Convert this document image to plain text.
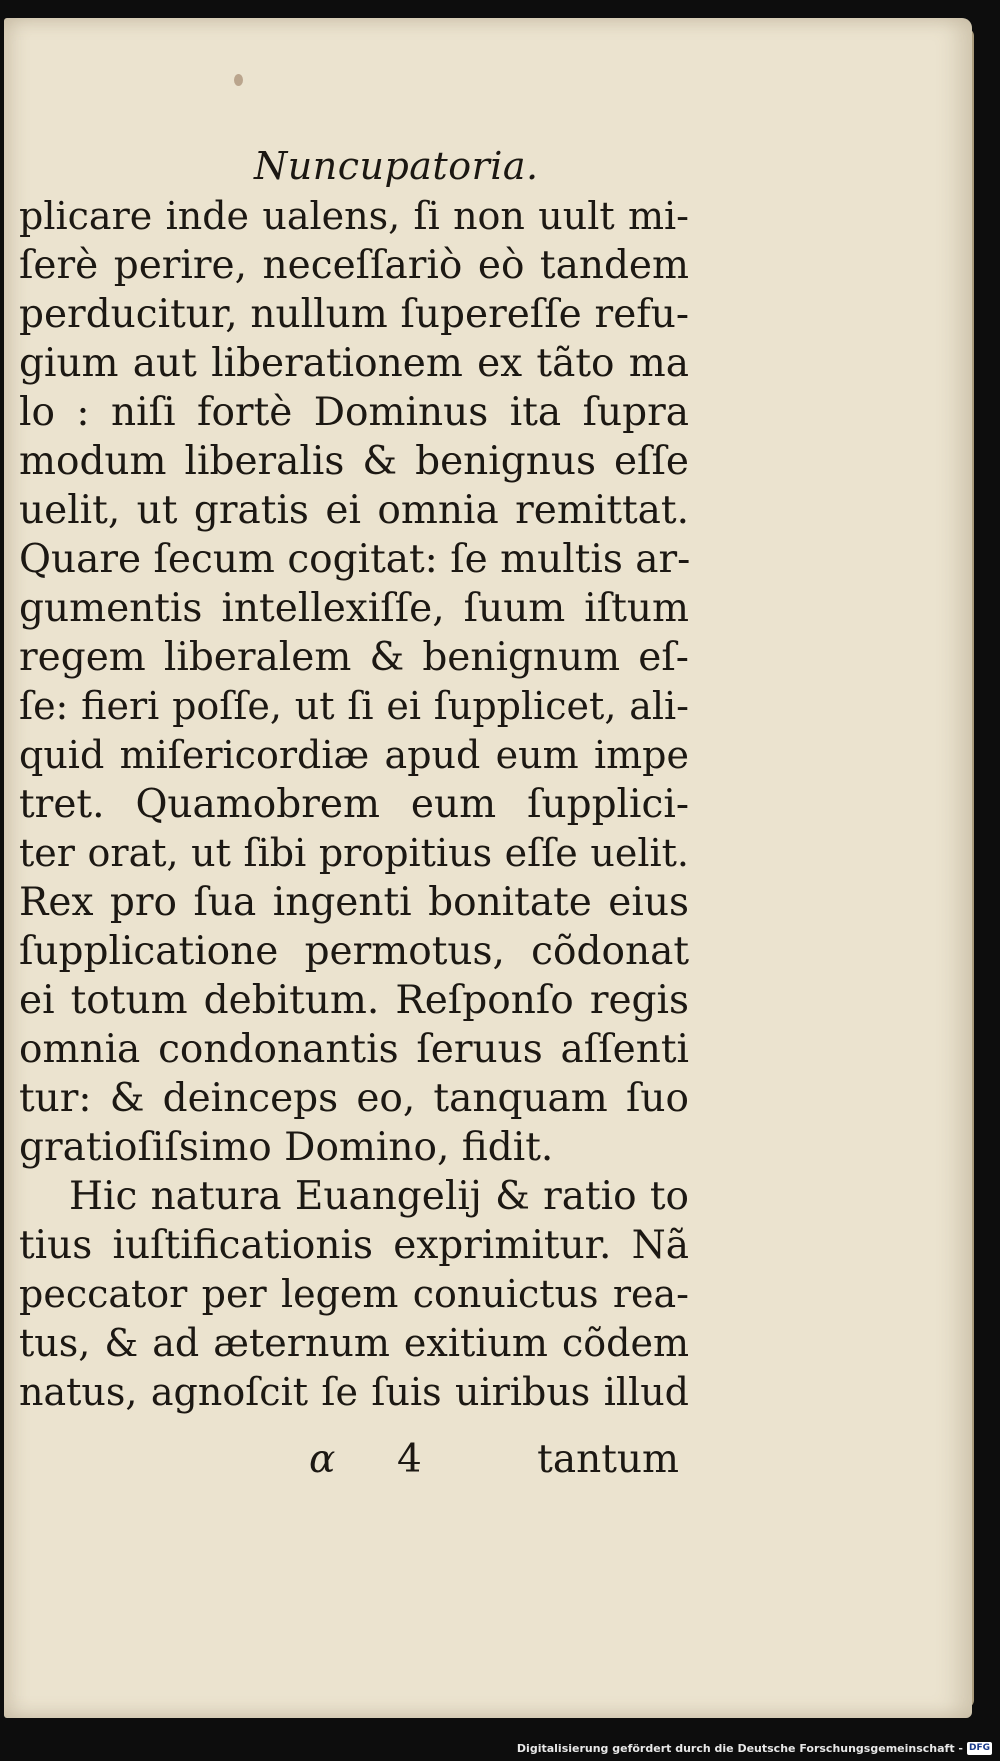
Nuncupatoria.
plicare inde ualens, ſi non uult mi-
ſerè perire, neceſſariò eò tandem
perducitur, nullum ſupereſſe refu-
gium aut liberationem ex tãto ma
lo : niſi fortè Dominus ita ſupra
modum liberalis & benignus eſſe
uelit, ut gratis ei omnia remittat.
Quare ſecum cogitat: ſe multis ar-
gumentis intellexiſſe, ſuum iſtum
regem liberalem & benignum eſ-
ſe: fieri poſſe, ut ſi ei ſupplicet, ali-
quid miſericordiæ apud eum impe
tret. Quamobrem eum ſupplici-
ter orat, ut ſibi propitius eſſe uelit.
Rex pro ſua ingenti bonitate eius
ſupplicatione permotus, cõdonat
ei totum debitum. Reſponſo regis
omnia condonantis ſeruus aſſenti
tur: & deinceps eo, tanquam ſuo
gratioſiſsimo Domino, fidit.
Hic natura Euangelij & ratio to
tius iuſtificationis exprimitur. Nã
peccator per legem conuictus rea-
tus, & ad æternum exitium cõdem
natus, agnoſcit ſe ſuis uiribus illud
α 4	tantum
Digitalisierung gefördert durch die Deutsche Forschungsgemeinschaft - DFG
